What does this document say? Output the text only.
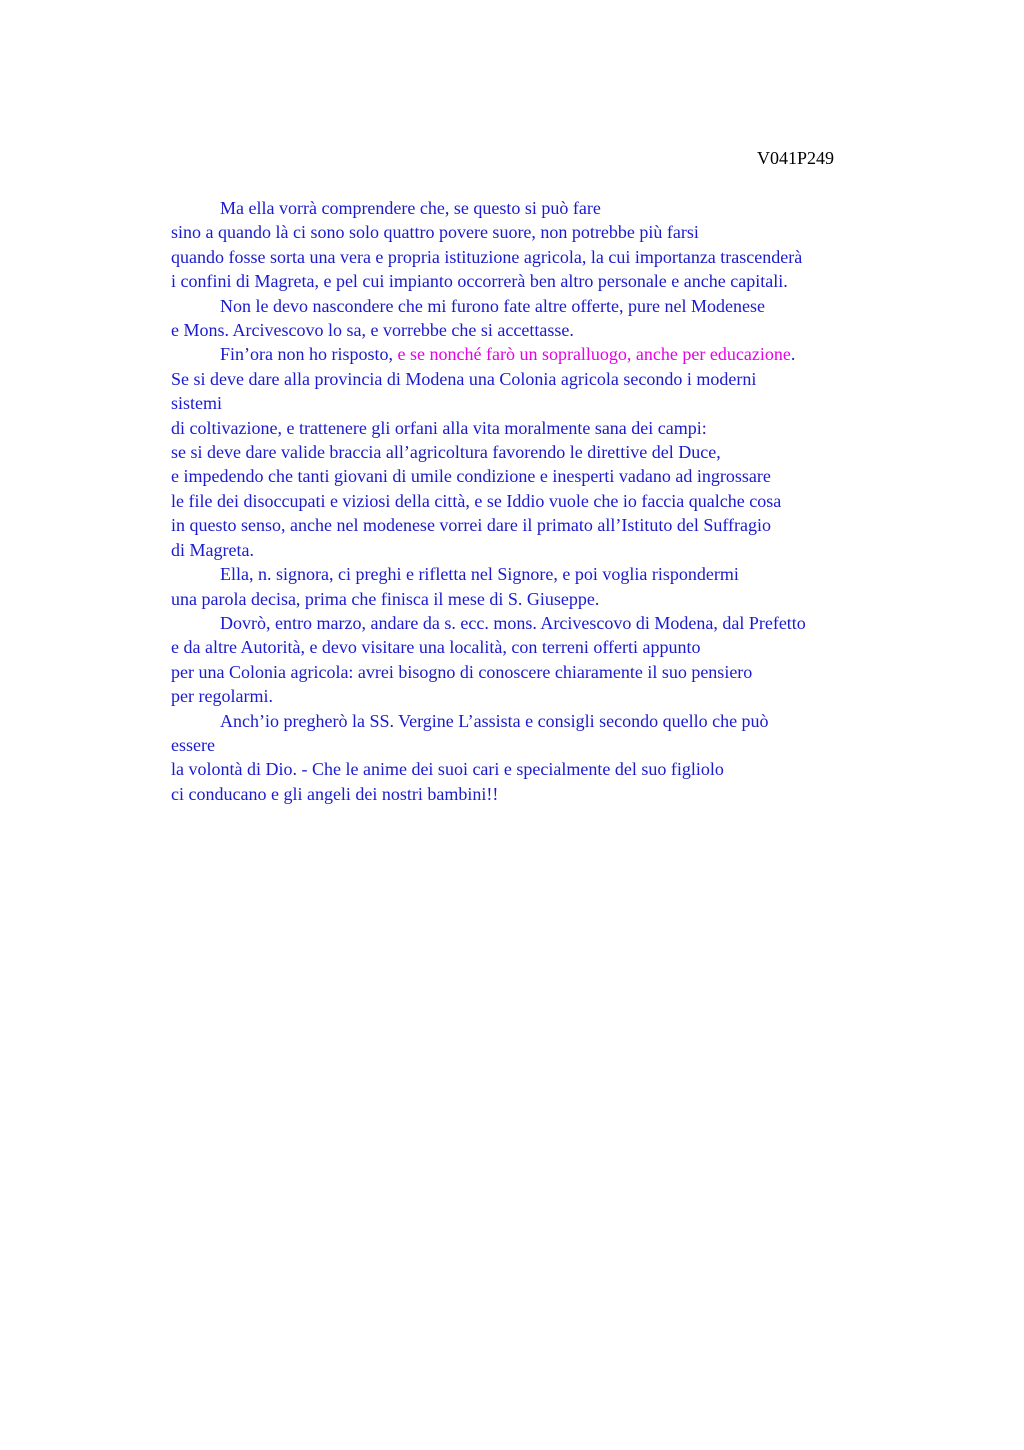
V041P249
Ma ella vorrà comprendere che, se questo si può fare
sino a quando là ci sono solo quattro povere suore, non potrebbe più farsi
quando fosse sorta una vera e propria istituzione agricola, la cui importanza trascenderà
i confini di Magreta, e pel cui impianto occorrerà ben altro personale e anche capitali.
Non le devo nascondere che mi furono fate altre offerte, pure nel Modenese
e Mons. Arcivescovo lo sa, e vorrebbe che si accettasse.
Fin’ora non ho risposto, e se nonché farò un sopralluogo, anche per educazione.
Se si deve dare alla provincia di Modena una Colonia agricola secondo i moderni
sistemi
di coltivazione, e trattenere gli orfani alla vita moralmente sana dei campi:
se si deve dare valide braccia all’agricoltura favorendo le direttive del Duce,
e impedendo che tanti giovani di umile condizione e inesperti vadano ad ingrossare
le file dei disoccupati e viziosi della città, e se Iddio vuole che io faccia qualche cosa
in questo senso, anche nel modenese vorrei dare il primato all’Istituto del Suffragio
di Magreta.
Ella, n. signora, ci preghi e rifletta nel Signore, e poi voglia rispondermi
una parola decisa, prima che finisca il mese di S. Giuseppe.
Dovrò, entro marzo, andare da s. ecc. mons. Arcivescovo di Modena, dal Prefetto
e da altre Autorità, e devo visitare una località, con terreni offerti appunto
per una Colonia agricola: avrei bisogno di conoscere chiaramente il suo pensiero
per regolarmi.
Anch’io pregherò la SS. Vergine L’assista e consigli secondo quello che può
essere
la volontà di Dio. - Che le anime dei suoi cari e specialmente del suo figliolo
ci conducano e gli angeli dei nostri bambini!!
